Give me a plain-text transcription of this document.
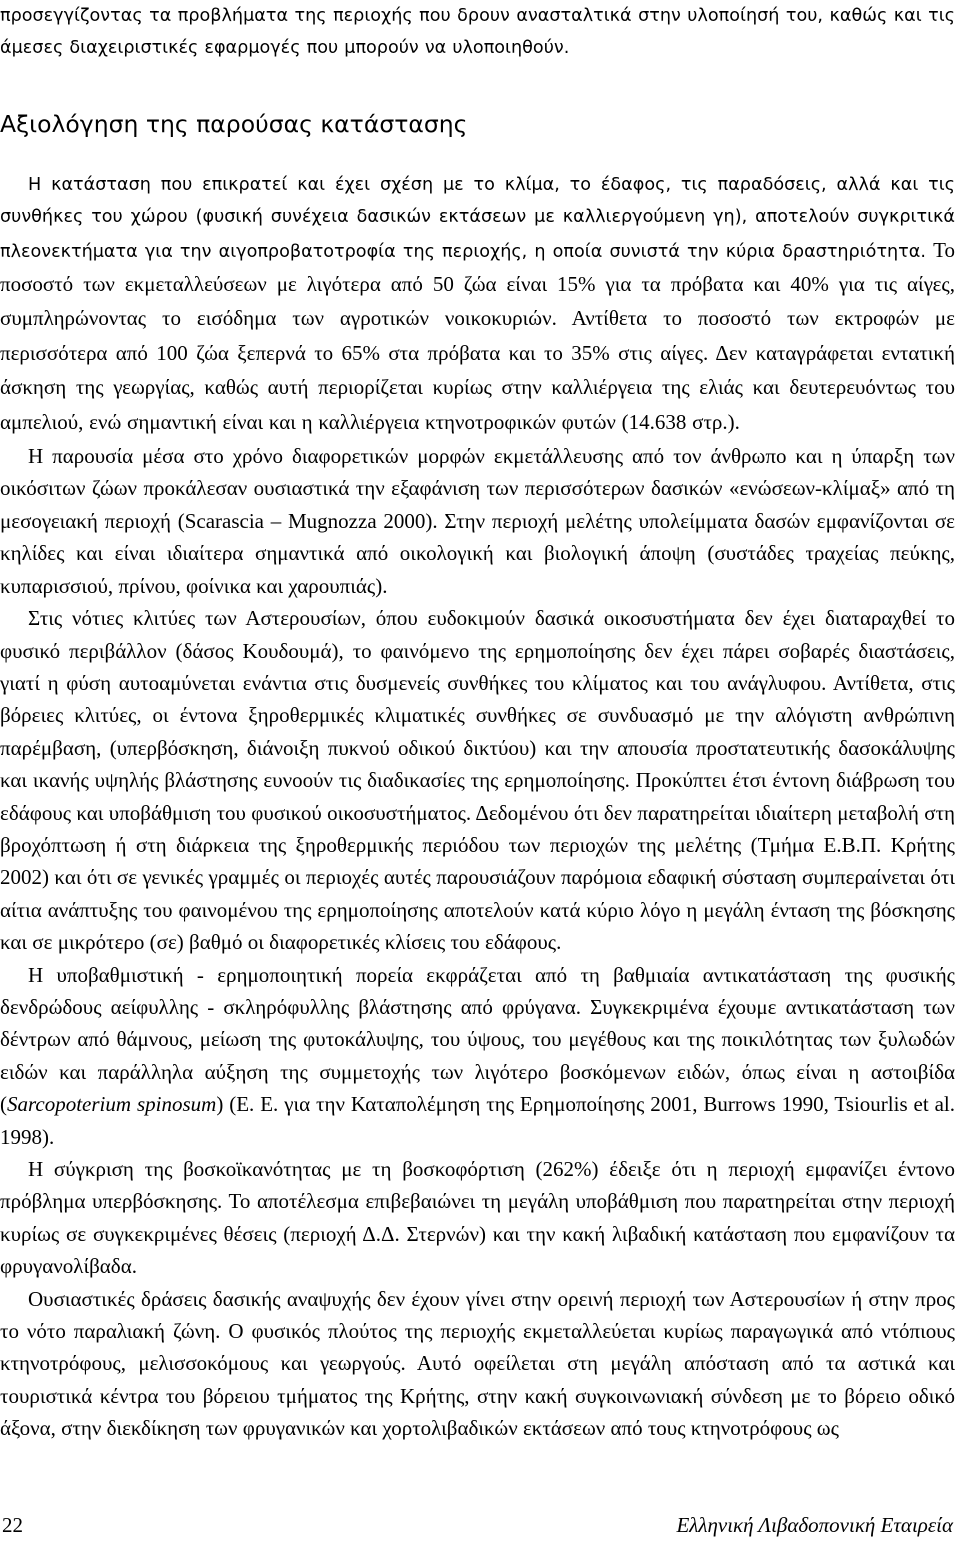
προσεγγίζοντας τα προβλήματα της περιοχής που δρουν ανασταλτικά στην υλοποίησή του, καθώς και τις άμεσες διαχειριστικές εφαρμογές που μπορούν να υλοποιηθούν.

Αξιολόγηση της παρούσας κατάστασης

Η κατάσταση που επικρατεί και έχει σχέση με το κλίμα, το έδαφος, τις παραδόσεις, αλλά και τις συνθήκες του χώρου (φυσική συνέχεια δασικών εκτάσεων με καλλιεργούμενη γη), αποτελούν συγκριτικά πλεονεκτήματα για την αιγοπροβατοτροφία της περιοχής, η οποία συνιστά την κύρια δραστηριότητα. Το ποσοστό των εκμεταλλεύσεων με λιγότερα από 50 ζώα είναι 15% για τα πρόβατα και 40% για τις αίγες, συμπληρώνοντας το εισόδημα των αγροτικών νοικοκυριών. Αντίθετα το ποσοστό των εκτροφών με περισσότερα από 100 ζώα ξεπερνά το 65% στα πρόβατα και το 35% στις αίγες. Δεν καταγράφεται εντατική άσκηση της γεωργίας, καθώς αυτή περιορίζεται κυρίως στην καλλιέργεια της ελιάς και δευτερευόντως του αμπελιού, ενώ σημαντική είναι και η καλλιέργεια κτηνοτροφικών φυτών (14.638 στρ.).

Η παρουσία μέσα στο χρόνο διαφορετικών μορφών εκμετάλλευσης από τον άνθρωπο και η ύπαρξη των οικόσιτων ζώων προκάλεσαν ουσιαστικά την εξαφάνιση των περισσότερων δασικών «ενώσεων-κλίμαξ» από τη μεσογειακή περιοχή (Scarascia – Mugnozza 2000). Στην περιοχή μελέτης υπολείμματα δασών εμφανίζονται σε κηλίδες και είναι ιδιαίτερα σημαντικά από οικολογική και βιολογική άποψη (συστάδες τραχείας πεύκης, κυπαρισσιού, πρίνου, φοίνικα και χαρουπιάς).

Στις νότιες κλιτύες των Αστερουσίων, όπου ευδοκιμούν δασικά οικοσυστήματα δεν έχει διαταραχθεί το φυσικό περιβάλλον (δάσος Κουδουμά), το φαινόμενο της ερημοποίησης δεν έχει πάρει σοβαρές διαστάσεις, γιατί η φύση αυτοαμύνεται ενάντια στις δυσμενείς συνθήκες του κλίματος και του ανάγλυφου. Αντίθετα, στις βόρειες κλιτύες, οι έντονα ξηροθερμικές κλιματικές συνθήκες σε συνδυασμό με την αλόγιστη ανθρώπινη παρέμβαση, (υπερβόσκηση, διάνοιξη πυκνού οδικού δικτύου) και την απουσία προστατευτικής δασοκάλυψης και ικανής υψηλής βλάστησης ευνοούν τις διαδικασίες της ερημοποίησης. Προκύπτει έτσι έντονη διάβρωση του εδάφους και υποβάθμιση του φυσικού οικοσυστήματος. Δεδομένου ότι δεν παρατηρείται ιδιαίτερη μεταβολή στη βροχόπτωση ή στη διάρκεια της ξηροθερμικής περιόδου των περιοχών της μελέτης (Τμήμα Ε.Β.Π. Κρήτης 2002) και ότι σε γενικές γραμμές οι περιοχές αυτές παρουσιάζουν παρόμοια εδαφική σύσταση συμπεραίνεται ότι αίτια ανάπτυξης του φαινομένου της ερημοποίησης αποτελούν κατά κύριο λόγο η μεγάλη ένταση της βόσκησης και σε μικρότερο (σε) βαθμό οι διαφορετικές κλίσεις του εδάφους.

Η υποβαθμιστική - ερημοποιητική πορεία εκφράζεται από τη βαθμιαία αντικατάσταση της φυσικής δενδρώδους αείφυλλης - σκληρόφυλλης βλάστησης από φρύγανα. Συγκεκριμένα έχουμε αντικατάσταση των δέντρων από θάμνους, μείωση της φυτοκάλυψης, του ύψους, του μεγέθους και της ποικιλότητας των ξυλωδών ειδών και παράλληλα αύξηση της συμμετοχής των λιγότερο βοσκόμενων ειδών, όπως είναι η αστοιβίδα (Sarcopoterium spinosum) (Ε. Ε. για την Καταπολέμηση της Ερημοποίησης 2001, Burrows 1990, Tsiourlis et al. 1998).

Η σύγκριση της βοσκοϊκανότητας με τη βοσκοφόρτιση (262%) έδειξε ότι η περιοχή εμφανίζει έντονο πρόβλημα υπερβόσκησης. Το αποτέλεσμα επιβεβαιώνει τη μεγάλη υποβάθμιση που παρατηρείται στην περιοχή κυρίως σε συγκεκριμένες θέσεις (περιοχή Δ.Δ. Στερνών) και την κακή λιβαδική κατάσταση που εμφανίζουν τα φρυγανολίβαδα.

Ουσιαστικές δράσεις δασικής αναψυχής δεν έχουν γίνει στην ορεινή περιοχή των Αστερουσίων ή στην προς το νότο παραλιακή ζώνη. Ο φυσικός πλούτος της περιοχής εκμεταλλεύεται κυρίως παραγωγικά από ντόπιους κτηνοτρόφους, μελισσοκόμους και γεωργούς. Αυτό οφείλεται στη μεγάλη απόσταση από τα αστικά και τουριστικά κέντρα του βόρειου τμήματος της Κρήτης, στην κακή συγκοινωνιακή σύνδεση με το βόρειο οδικό άξονα, στην διεκδίκηση των φρυγανικών και χορτολιβαδικών εκτάσεων από τους κτηνοτρόφους ως

22	Ελληνική Λιβαδοπονική Εταιρεία
